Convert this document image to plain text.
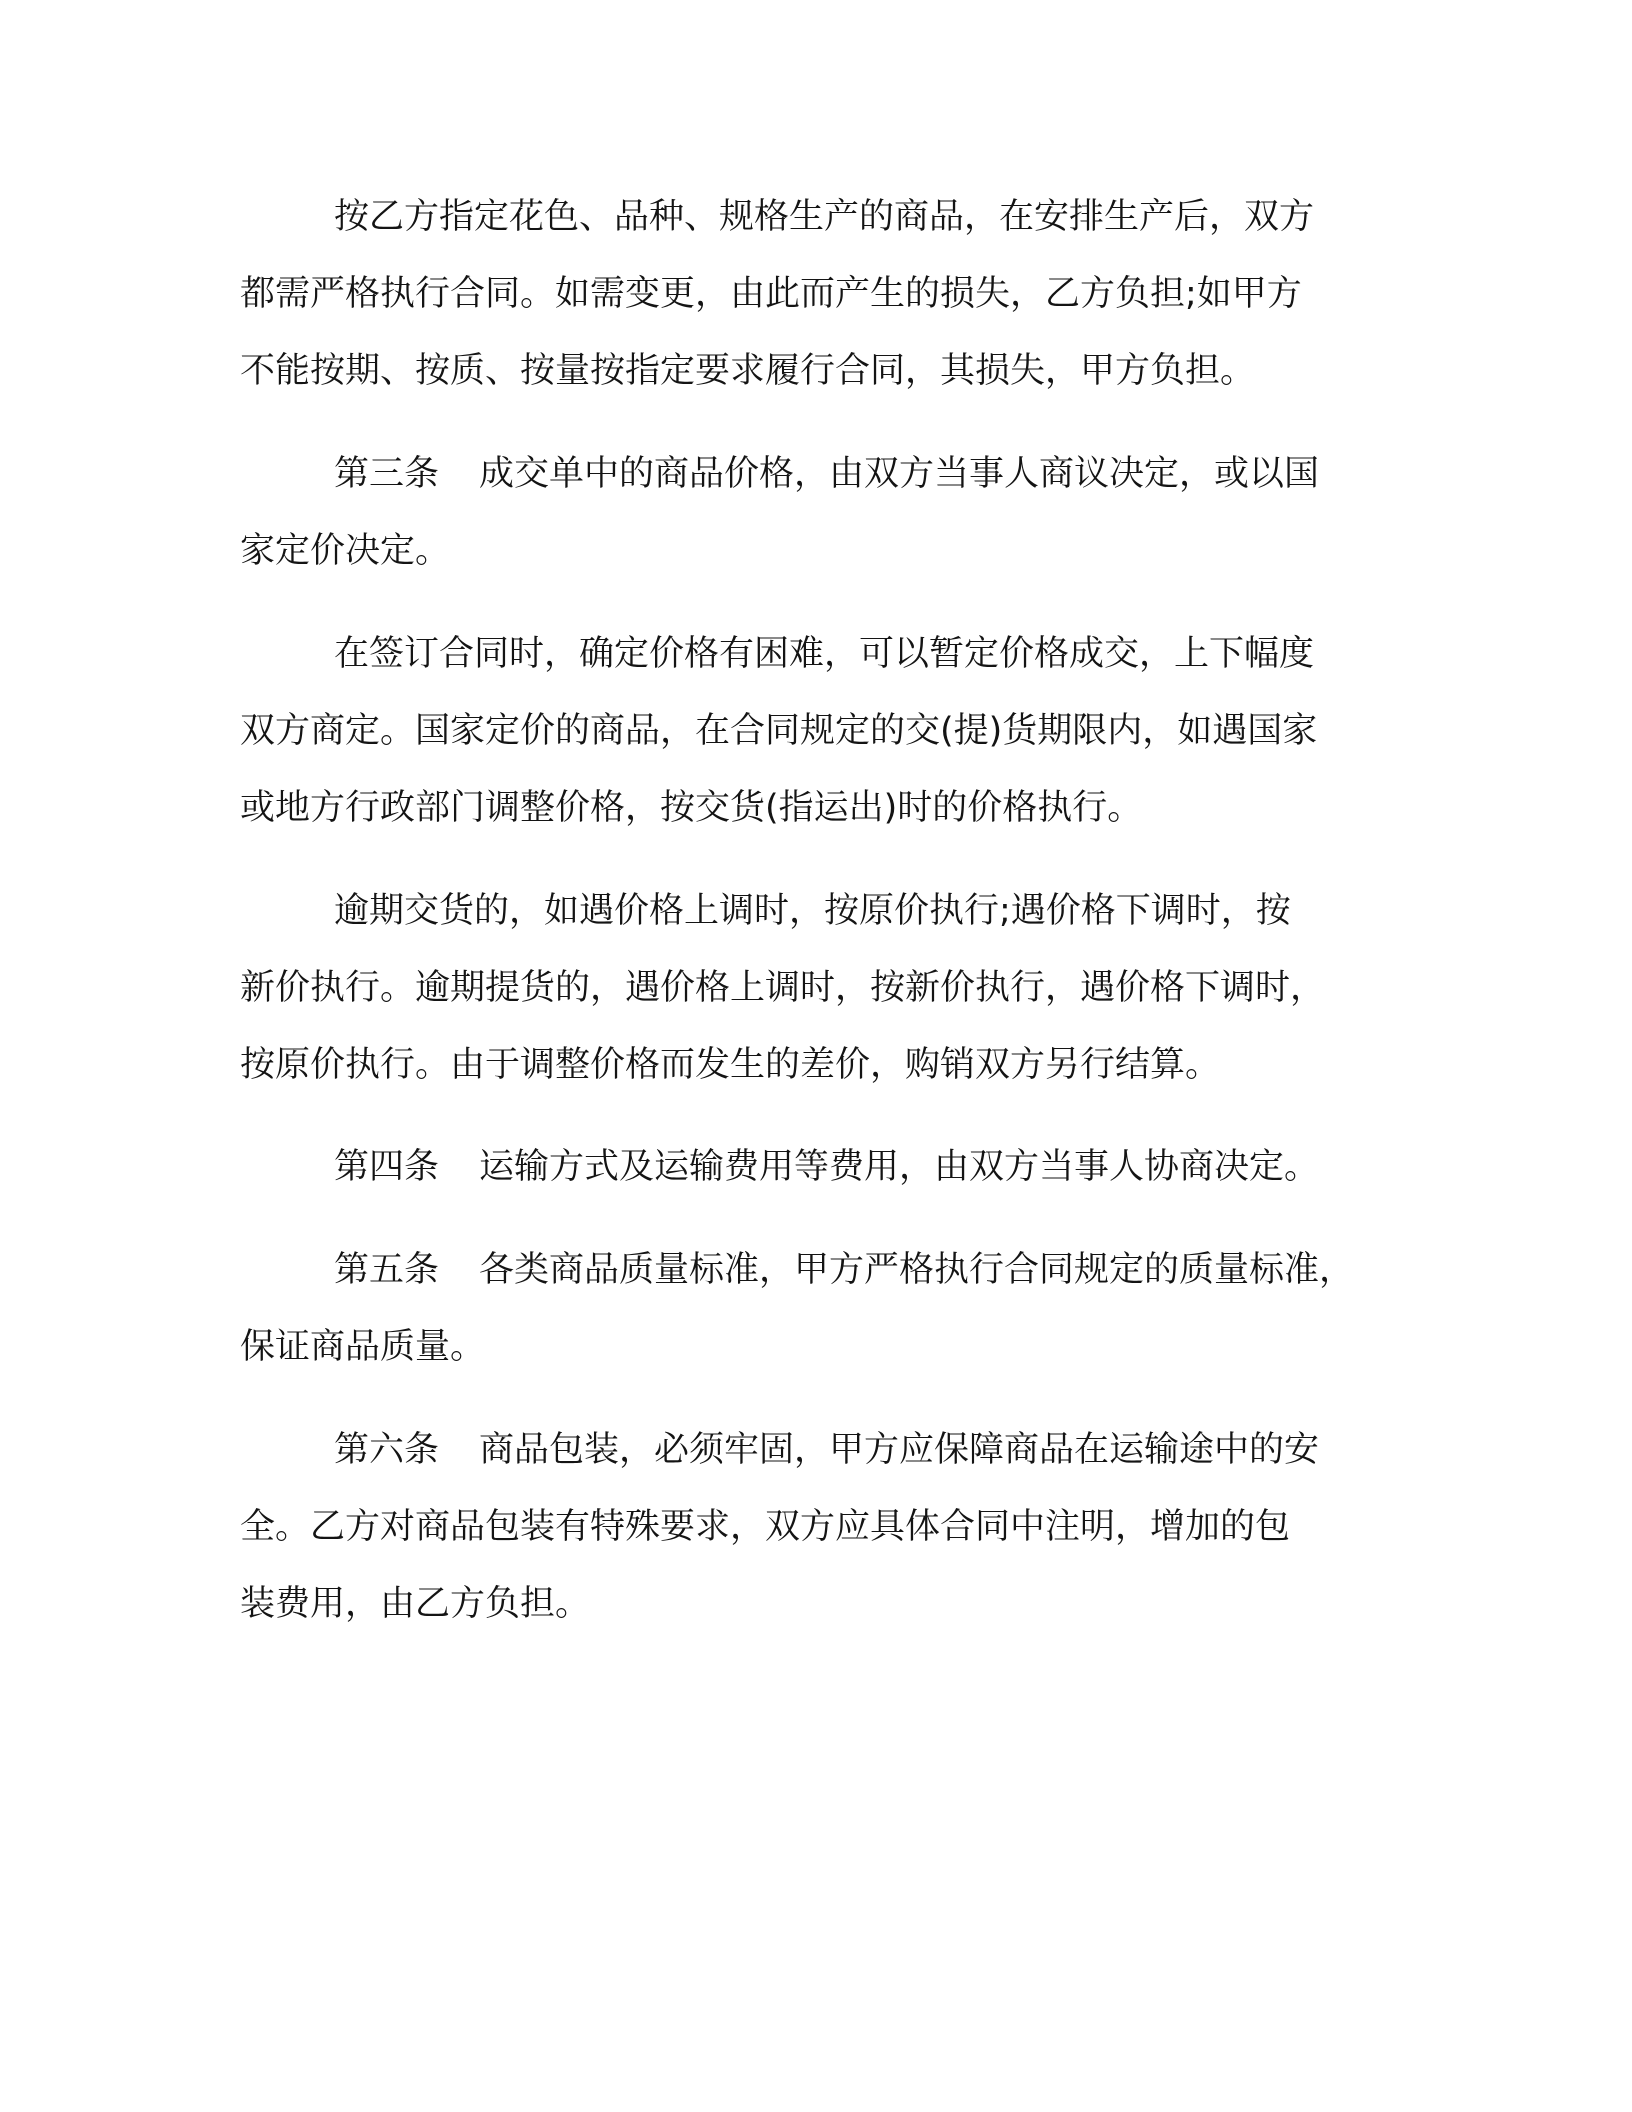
按乙方指定花色、品种、规格生产的商品，在安排生产后，双方
都需严格执行合同。如需变更，由此而产生的损失，乙方负担;如甲方
不能按期、按质、按量按指定要求履行合同，其损失，甲方负担。
第三条 成交单中的商品价格，由双方当事人商议决定，或以国
家定价决定。
在签订合同时，确定价格有困难，可以暂定价格成交，上下幅度
双方商定。国家定价的商品，在合同规定的交(提)货期限内，如遇国家
或地方行政部门调整价格，按交货(指运出)时的价格执行。
逾期交货的，如遇价格上调时，按原价执行;遇价格下调时，按
新价执行。逾期提货的，遇价格上调时，按新价执行，遇价格下调时，
按原价执行。由于调整价格而发生的差价，购销双方另行结算。
第四条 运输方式及运输费用等费用，由双方当事人协商决定。
第五条 各类商品质量标准，甲方严格执行合同规定的质量标准，
保证商品质量。
第六条 商品包装，必须牢固，甲方应保障商品在运输途中的安
全。乙方对商品包装有特殊要求，双方应具体合同中注明，增加的包
装费用，由乙方负担。
